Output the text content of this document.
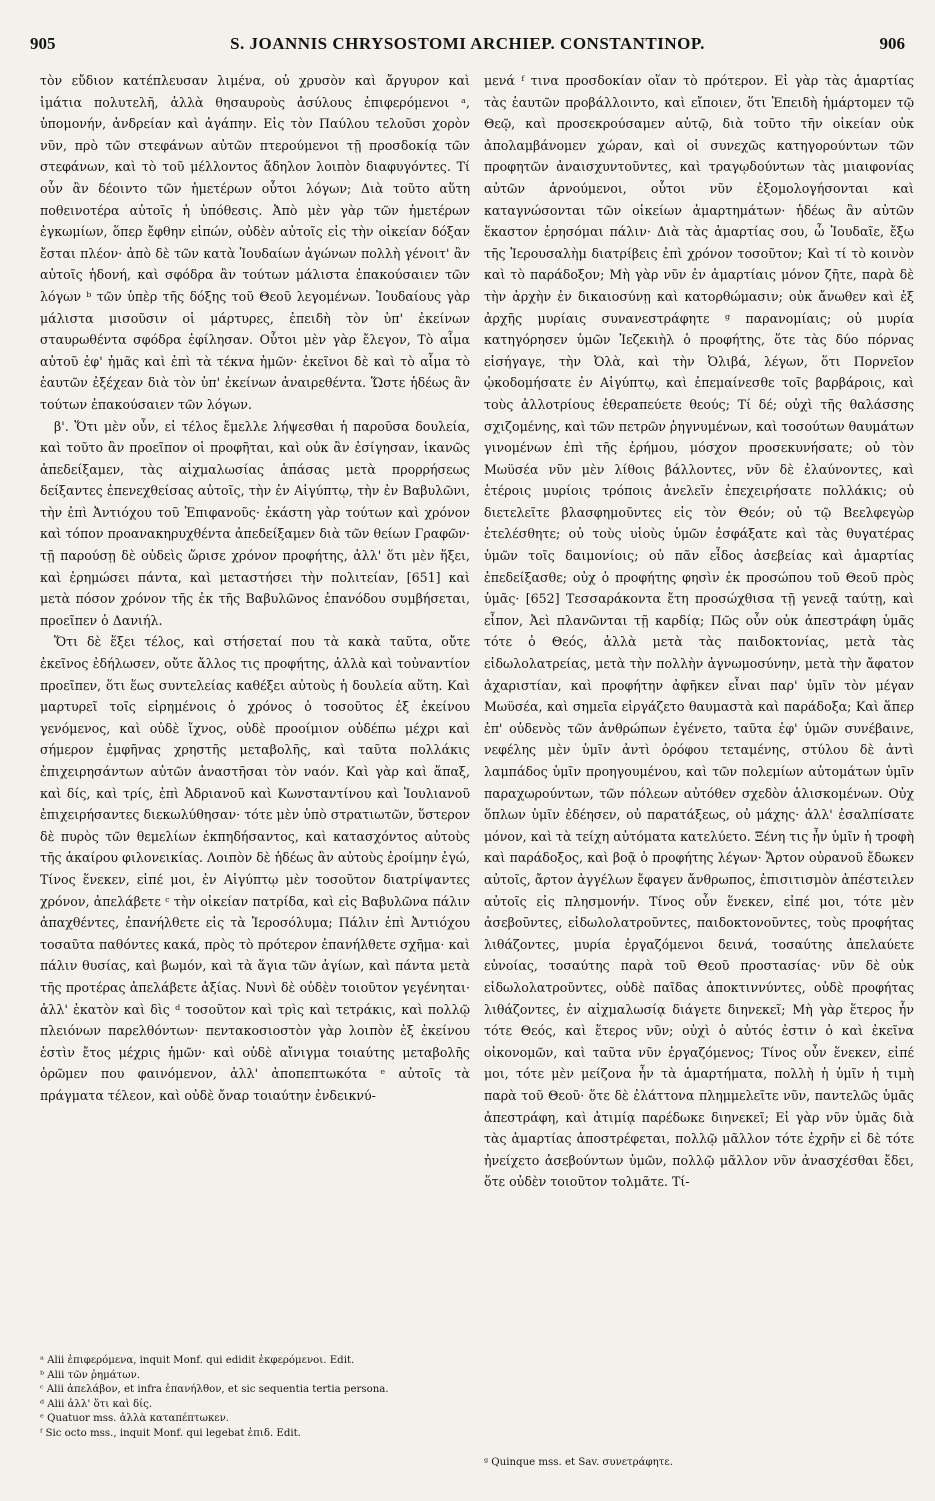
905	S. JOANNIS CHRYSOSTOMI ARCHIEP. CONSTANTINOP.	906

τὸν εὔδιον κατέπλευσαν λιμένα, οὐ χρυσὸν καὶ ἄργυρον καὶ ἱμάτια πολυτελῆ, ἀλλὰ θησαυροὺς ἀσύλους ἐπιφερόμενοι ᵃ, ὑπομονήν, ἀνδρείαν καὶ ἀγάπην. Εἰς τὸν Παύλου τελοῦσι χορὸν νῦν, πρὸ τῶν στεφάνων αὐτῶν πτερούμενοι τῇ προσδοκίᾳ τῶν στεφάνων, καὶ τὸ τοῦ μέλλοντος ἄδηλον λοιπὸν διαφυγόντες. Τί οὖν ἂν δέοιντο τῶν ἡμετέρων οὗτοι λόγων; Διὰ τοῦτο αὕτη ποθεινοτέρα αὐτοῖς ἡ ὑπόθεσις. Ἀπὸ μὲν γὰρ τῶν ἡμετέρων ἐγκωμίων, ὅπερ ἔφθην εἰπών, οὐδὲν αὐτοῖς εἰς τὴν οἰκείαν δόξαν ἔσται πλέον· ἀπὸ δὲ τῶν κατὰ Ἰουδαίων ἀγώνων πολλὴ γένοιτ' ἂν αὐτοῖς ἡδονή, καὶ σφόδρα ἂν τούτων μάλιστα ἐπακούσαιεν τῶν λόγων ᵇ τῶν ὑπὲρ τῆς δόξης τοῦ Θεοῦ λεγομένων. Ἰουδαίους γὰρ μάλιστα μισοῦσιν οἱ μάρτυρες, ἐπειδὴ τὸν ὑπ' ἐκείνων σταυρωθέντα σφόδρα ἐφίλησαν. Οὗτοι μὲν γὰρ ἔλεγον, Τὸ αἷμα αὐτοῦ ἐφ' ἡμᾶς καὶ ἐπὶ τὰ τέκνα ἡμῶν· ἐκεῖνοι δὲ καὶ τὸ αἷμα τὸ ἑαυτῶν ἐξέχεαν διὰ τὸν ὑπ' ἐκείνων ἀναιρεθέντα. Ὥστε ἡδέως ἂν τούτων ἐπακούσαιεν τῶν λόγων.

β'. Ὅτι μὲν οὖν, εἰ τέλος ἔμελλε λήψεσθαι ἡ παροῦσα δουλεία, καὶ τοῦτο ἂν προεῖπον οἱ προφῆται, καὶ οὐκ ἂν ἐσίγησαν, ἱκανῶς ἀπεδείξαμεν, τὰς αἰχμαλωσίας ἁπάσας μετὰ προρρήσεως δείξαντες ἐπενεχθείσας αὐτοῖς, τὴν ἐν Αἰγύπτῳ, τὴν ἐν Βαβυλῶνι, τὴν ἐπὶ Ἀντιόχου τοῦ Ἐπιφανοῦς· ἑκάστη γὰρ τούτων καὶ χρόνον καὶ τόπον προανακηρυχθέντα ἀπεδείξαμεν διὰ τῶν θείων Γραφῶν· τῇ παρούσῃ δὲ οὐδεὶς ὥρισε χρόνον προφήτης, ἀλλ' ὅτι μὲν ἥξει, καὶ ἐρημώσει πάντα, καὶ μεταστήσει τὴν πολιτείαν, [651] καὶ μετὰ πόσον χρόνον τῆς ἐκ τῆς Βαβυλῶνος ἐπανόδου συμβήσεται, προεῖπεν ὁ Δανιήλ.

Ὅτι δὲ ἕξει τέλος, καὶ στήσεταί που τὰ κακὰ ταῦτα, οὔτε ἐκεῖνος ἐδήλωσεν, οὔτε ἄλλος τις προφήτης, ἀλλὰ καὶ τοὐναντίον προεῖπεν, ὅτι ἕως συντελείας καθέξει αὐτοὺς ἡ δουλεία αὕτη. Καὶ μαρτυρεῖ τοῖς εἰρημένοις ὁ χρόνος ὁ τοσοῦτος ἐξ ἐκείνου γενόμενος, καὶ οὐδὲ ἴχνος, οὐδὲ προοίμιον οὐδέπω μέχρι καὶ σήμερον ἐμφῆνας χρηστῆς μεταβολῆς, καὶ ταῦτα πολλάκις ἐπιχειρησάντων αὐτῶν ἀναστῆσαι τὸν ναόν. Καὶ γὰρ καὶ ἅπαξ, καὶ δίς, καὶ τρίς, ἐπὶ Ἀδριανοῦ καὶ Κωνσταντίνου καὶ Ἰουλιανοῦ ἐπιχειρήσαντες διεκωλύθησαν· τότε μὲν ὑπὸ στρατιωτῶν, ὕστερον δὲ πυρὸς τῶν θεμελίων ἐκπηδήσαντος, καὶ κατασχόντος αὐτοὺς τῆς ἀκαίρου φιλονεικίας. Λοιπὸν δὲ ἡδέως ἂν αὐτοὺς ἐροίμην ἐγώ, Τίνος ἕνεκεν, εἰπέ μοι, ἐν Αἰγύπτῳ μὲν τοσοῦτον διατρίψαντες χρόνον, ἀπελάβετε ᶜ τὴν οἰκείαν πατρίδα, καὶ εἰς Βαβυλῶνα πάλιν ἀπαχθέντες, ἐπανήλθετε εἰς τὰ Ἱεροσόλυμα; Πάλιν ἐπὶ Ἀντιόχου τοσαῦτα παθόντες κακά, πρὸς τὸ πρότερον ἐπανήλθετε σχῆμα· καὶ πάλιν θυσίας, καὶ βωμόν, καὶ τὰ ἅγια τῶν ἁγίων, καὶ πάντα μετὰ τῆς προτέρας ἀπελάβετε ἀξίας. Νυνὶ δὲ οὐδὲν τοιοῦτον γεγένηται· ἀλλ' ἑκατὸν καὶ δὶς ᵈ τοσοῦτον καὶ τρὶς καὶ τετράκις, καὶ πολλῷ πλειόνων παρελθόντων· πεντακοσιοστὸν γὰρ λοιπὸν ἐξ ἐκείνου ἐστὶν ἔτος μέχρις ἡμῶν· καὶ οὐδὲ αἴνιγμα τοιαύτης μεταβολῆς ὁρῶμεν που φαινόμενον, ἀλλ' ἀποπεπτωκότα ᵉ αὐτοῖς τὰ πράγματα τέλεον, καὶ οὐδὲ ὄναρ τοιαύτην ἐνδεικνύ-

μενά ᶠ τινα προσδοκίαν οἵαν τὸ πρότερον. Εἰ γὰρ τὰς ἁμαρτίας τὰς ἑαυτῶν προβάλλοιντο, καὶ εἴποιεν, ὅτι Ἐπειδὴ ἡμάρτομεν τῷ Θεῷ, καὶ προσεκρούσαμεν αὐτῷ, διὰ τοῦτο τῆν οἰκείαν οὐκ ἀπολαμβάνομεν χώραν, καὶ οἱ συνεχῶς κατηγορούντων τῶν προφητῶν ἀναισχυντοῦντες, καὶ τραγῳδούντων τὰς μιαιφονίας αὐτῶν ἀρνούμενοι, οὗτοι νῦν ἐξομολογήσονται καὶ καταγνώσονται τῶν οἰκείων ἁμαρτημάτων· ἡδέως ἂν αὐτῶν ἕκαστον ἐρησόμαι πάλιν· Διὰ τὰς ἁμαρτίας σου, ὦ Ἰουδαῖε, ἔξω τῆς Ἱερουσαλὴμ διατρίβεις ἐπὶ χρόνον τοσοῦτον; Καὶ τί τὸ κοινὸν καὶ τὸ παράδοξον; Μὴ γὰρ νῦν ἐν ἁμαρτίαις μόνον ζῆτε, παρὰ δὲ τὴν ἀρχὴν ἐν δικαιοσύνῃ καὶ κατορθώμασιν; οὐκ ἄνωθεν καὶ ἐξ ἀρχῆς μυρίαις συνανεστράφητε ᵍ παρανομίαις; οὐ μυρία κατηγόρησεν ὑμῶν Ἰεζεκιὴλ ὁ προφήτης, ὅτε τὰς δύο πόρνας εἰσήγαγε, τὴν Ὀλὰ, καὶ τὴν Ὀλιβά, λέγων, ὅτι Πορνεῖον ᾠκοδομήσατε ἐν Αἰγύπτῳ, καὶ ἐπεμαίνεσθε τοῖς βαρβάροις, καὶ τοὺς ἀλλοτρίους ἐθεραπεύετε θεούς; Τί δέ; οὐχὶ τῆς θαλάσσης σχιζομένης, καὶ τῶν πετρῶν ῥηγνυμένων, καὶ τοσούτων θαυμάτων γινομένων ἐπὶ τῆς ἐρήμου, μόσχον προσεκυνήσατε; οὐ τὸν Μωϋσέα νῦν μὲν λίθοις βάλλοντες, νῦν δὲ ἐλαύνοντες, καὶ ἑτέροις μυρίοις τρόποις ἀνελεῖν ἐπεχειρήσατε πολλάκις; οὐ διετελεῖτε βλασφημοῦντες εἰς τὸν Θεόν; οὐ τῷ Βεελφεγὼρ ἐτελέσθητε; οὐ τοὺς υἱοὺς ὑμῶν ἐσφάξατε καὶ τὰς θυγατέρας ὑμῶν τοῖς δαιμονίοις; οὐ πᾶν εἶδος ἀσεβείας καὶ ἁμαρτίας ἐπεδείξασθε; οὐχ ὁ προφήτης φησὶν ἐκ προσώπου τοῦ Θεοῦ πρὸς ὑμᾶς· [652] Τεσσαράκοντα ἔτη προσώχθισα τῇ γενεᾷ ταύτῃ, καὶ εἶπον, Ἀεὶ πλανῶνται τῇ καρδίᾳ; Πῶς οὖν οὐκ ἀπεστράφη ὑμᾶς τότε ὁ Θεός, ἀλλὰ μετὰ τὰς παιδοκτονίας, μετὰ τὰς εἰδωλολατρείας, μετὰ τὴν πολλὴν ἀγνωμοσύνην, μετὰ τὴν ἄφατον ἀχαριστίαν, καὶ προφήτην ἀφῆκεν εἶναι παρ' ὑμῖν τὸν μέγαν Μωϋσέα, καὶ σημεῖα εἰργάζετο θαυμαστὰ καὶ παράδοξα; Καὶ ἅπερ ἐπ' οὐδενὸς τῶν ἀνθρώπων ἐγένετο, ταῦτα ἐφ' ὑμῶν συνέβαινε, νεφέλης μὲν ὑμῖν ἀντὶ ὀρόφου τεταμένης, στύλου δὲ ἀντὶ λαμπάδος ὑμῖν προηγουμένου, καὶ τῶν πολεμίων αὐτομάτων ὑμῖν παραχωρούντων, τῶν πόλεων αὐτόθεν σχεδὸν ἁλισκομένων. Οὐχ ὅπλων ὑμῖν ἐδέησεν, οὐ παρατάξεως, οὐ μάχης· ἀλλ' ἐσαλπίσατε μόνον, καὶ τὰ τείχη αὐτόματα κατελύετο. Ξένη τις ἦν ὑμῖν ἡ τροφὴ καὶ παράδοξος, καὶ βοᾷ ὁ προφήτης λέγων· Ἄρτον οὐρανοῦ ἔδωκεν αὐτοῖς, ἄρτον ἀγγέλων ἔφαγεν ἄνθρωπος, ἐπισιτισμὸν ἀπέστειλεν αὐτοῖς εἰς πλησμονήν. Τίνος οὖν ἕνεκεν, εἰπέ μοι, τότε μὲν ἀσεβοῦντες, εἰδωλολατροῦντες, παιδοκτονοῦντες, τοὺς προφήτας λιθάζοντες, μυρία ἐργαζόμενοι δεινά, τοσαύτης ἀπελαύετε εὐνοίας, τοσαύτης παρὰ τοῦ Θεοῦ προστασίας· νῦν δὲ οὐκ εἰδωλολατροῦντες, οὐδὲ παῖδας ἀποκτιννύντες, οὐδὲ προφήτας λιθάζοντες, ἐν αἰχμαλωσίᾳ διάγετε διηνεκεῖ; Μὴ γὰρ ἕτερος ἦν τότε Θεός, καὶ ἕτερος νῦν; οὐχὶ ὁ αὐτός ἐστιν ὁ καὶ ἐκεῖνα οἰκονομῶν, καὶ ταῦτα νῦν ἐργαζόμενος; Τίνος οὖν ἕνεκεν, εἰπέ μοι, τότε μὲν μείζονα ἦν τὰ ἁμαρτήματα, πολλὴ ἡ ὑμῖν ἡ τιμὴ παρὰ τοῦ Θεοῦ· ὅτε δὲ ἐλάττονα πλημμελεῖτε νῦν, παντελῶς ὑμᾶς ἀπεστράφη, καὶ ἀτιμίᾳ παρέδωκε διηνεκεῖ; Εἰ γὰρ νῦν ὑμᾶς διὰ τὰς ἁμαρτίας ἀποστρέφεται, πολλῷ μᾶλλον τότε ἐχρῆν εἰ δὲ τότε ἠνείχετο ἀσεβούντων ὑμῶν, πολλῷ μᾶλλον νῦν ἀνασχέσθαι ἔδει, ὅτε οὐδὲν τοιοῦτον τολμᾶτε. Τί-

ᵃ Alii ἐπιφερόμενα, inquit Monf. qui edidit ἐκφερόμενοι. Edit.
ᵇ Alii τῶν ῥημάτων.
ᶜ Alii ἀπελάβον, et infra ἐπανήλθον, et sic sequentia tertia persona.
ᵈ Alii ἀλλ' ὅτι καὶ δίς.
ᵉ Quatuor mss. ἀλλὰ καταπέπτωκεν.
ᶠ Sic octo mss., inquit Monf. qui legebat ἐπιδ. Edit.
ᵍ Quinque mss. et Sav. συνετράφητε.
